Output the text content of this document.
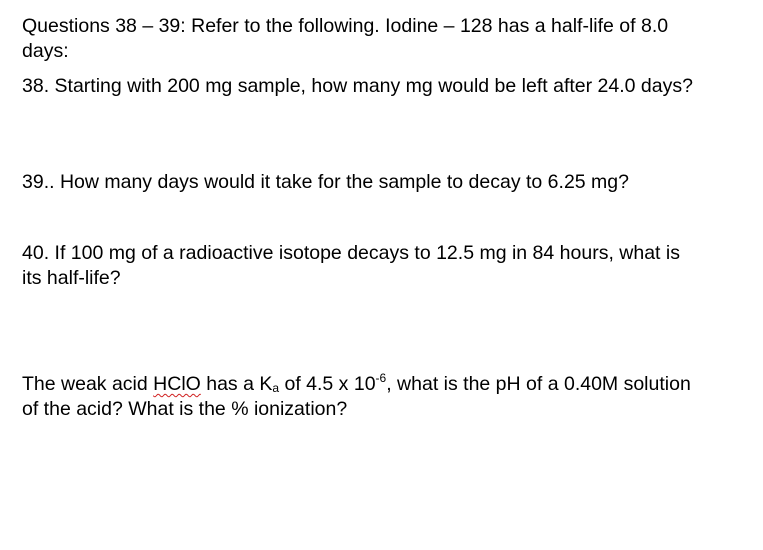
Questions 38 – 39: Refer to the following. Iodine – 128 has a half-life of 8.0 days:

38. Starting with 200 mg sample, how many mg would be left after 24.0 days?

39.. How many days would it take for the sample to decay to 6.25 mg?

40. If 100 mg of a radioactive isotope decays to 12.5 mg in 84 hours, what is its half-life?

The weak acid HClO has a $K_a$ of 4.5 x $10^{-6}$, what is the pH of a 0.40M solution of the acid? What is the % ionization?
